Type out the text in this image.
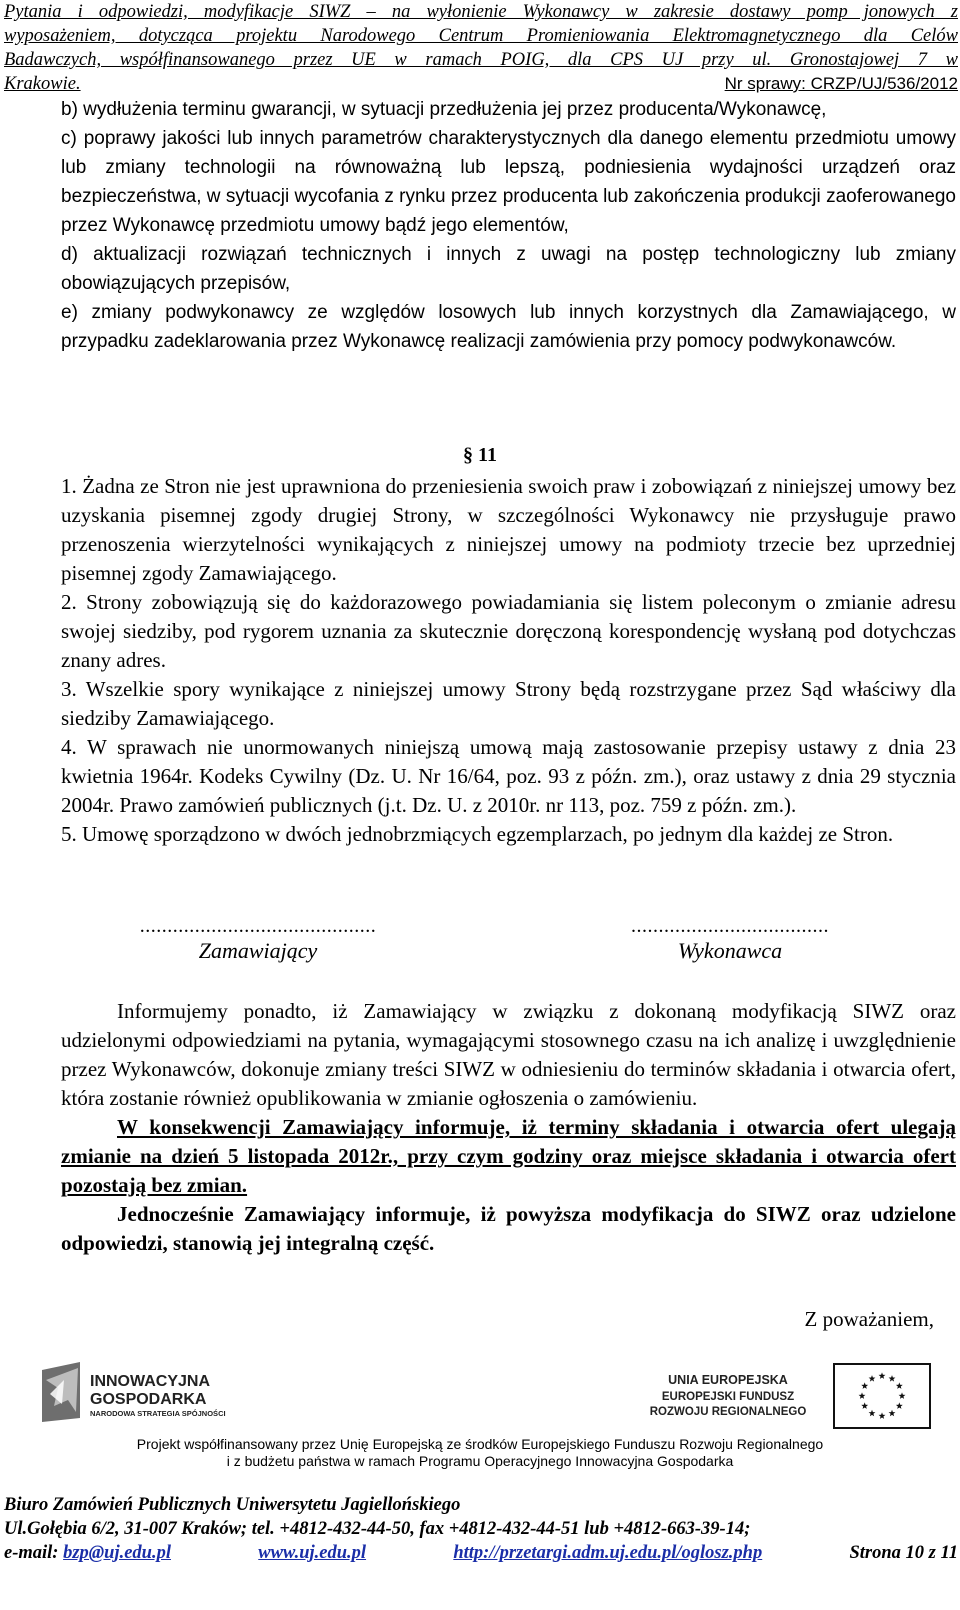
Pytania i odpowiedzi, modyfikacje SIWZ – na wyłonienie Wykonawcy w zakresie dostawy pomp jonowych z
wyposażeniem, dotycząca projektu Narodowego Centrum Promieniowania Elektromagnetycznego dla Celów
Badawczych, współfinansowanego przez UE w ramach POIG, dla CPS UJ przy ul. Gronostajowej 7 w
Krakowie.	Nr sprawy: CRZP/UJ/536/2012

b) wydłużenia terminu gwarancji, w sytuacji przedłużenia jej przez producenta/Wykonawcę,

c) poprawy jakości lub innych parametrów charakterystycznych dla danego elementu przedmiotu umowy lub zmiany technologii na równoważną lub lepszą, podniesienia wydajności urządzeń oraz bezpieczeństwa, w sytuacji wycofania z rynku przez producenta lub zakończenia produkcji zaoferowanego przez Wykonawcę przedmiotu umowy bądź jego elementów,

d) aktualizacji rozwiązań technicznych i innych z uwagi na postęp technologiczny lub zmiany obowiązujących przepisów,

e) zmiany podwykonawcy ze względów losowych lub innych korzystnych dla Zamawiającego, w przypadku zadeklarowania przez Wykonawcę realizacji zamówienia przy pomocy podwykonawców.

§ 11

1. Żadna ze Stron nie jest uprawniona do przeniesienia swoich praw i zobowiązań z niniejszej umowy bez uzyskania pisemnej zgody drugiej Strony, w szczególności Wykonawcy nie przysługuje prawo przenoszenia wierzytelności wynikających z niniejszej umowy na podmioty trzecie bez uprzedniej pisemnej zgody Zamawiającego.

2. Strony zobowiązują się do każdorazowego powiadamiania się listem poleconym o zmianie adresu swojej siedziby, pod rygorem uznania za skutecznie doręczoną korespondencję wysłaną pod dotychczas znany adres.

3. Wszelkie spory wynikające z niniejszej umowy Strony będą rozstrzygane przez Sąd właściwy dla siedziby Zamawiającego.

4. W sprawach nie unormowanych niniejszą umową mają zastosowanie przepisy ustawy z dnia 23 kwietnia 1964r. Kodeks Cywilny (Dz. U. Nr 16/64, poz. 93 z późn. zm.), oraz ustawy z dnia 29 stycznia 2004r. Prawo zamówień publicznych (j.t. Dz. U. z 2010r. nr 113, poz. 759 z późn. zm.).

5. Umowę sporządzono w dwóch jednobrzmiących egzemplarzach, po jednym dla każdej ze Stron.

...........................................
Zamawiający
....................................
Wykonawca

Informujemy ponadto, iż Zamawiający w związku z dokonaną modyfikacją SIWZ oraz udzielonymi odpowiedziami na pytania, wymagającymi stosownego czasu na ich analizę i uwzględnienie przez Wykonawców, dokonuje zmiany treści SIWZ w odniesieniu do terminów składania i otwarcia ofert, która zostanie również opublikowania w zmianie ogłoszenia o zamówieniu.

W konsekwencji Zamawiający informuje, iż terminy składania i otwarcia ofert ulegają zmianie na dzień 5 listopada 2012r., przy czym godziny oraz miejsce składania i otwarcia ofert pozostają bez zmian.

Jednocześnie Zamawiający informuje, iż powyższa modyfikacja do SIWZ oraz udzielone odpowiedzi, stanowią jej integralną część.

Z poważaniem,
INNOWACYJNA
GOSPODARKA
NARODOWA STRATEGIA SPÓJNOŚCI
UNIA EUROPEJSKA
EUROPEJSKI FUNDUSZ
ROZWOJU REGIONALNEGO
Projekt współfinansowany przez Unię Europejską ze środków Europejskiego Funduszu Rozwoju Regionalnego
i z budżetu państwa w ramach Programu Operacyjnego Innowacyjna Gospodarka
Biuro Zamówień Publicznych Uniwersytetu Jagiellońskiego
Ul.Gołębia 6/2, 31-007 Kraków; tel. +4812-432-44-50, fax +4812-432-44-51 lub +4812-663-39-14;
e-mail: bzp@uj.edu.pl	www.uj.edu.pl	http://przetargi.adm.uj.edu.pl/oglosz.php	Strona 10 z 11
